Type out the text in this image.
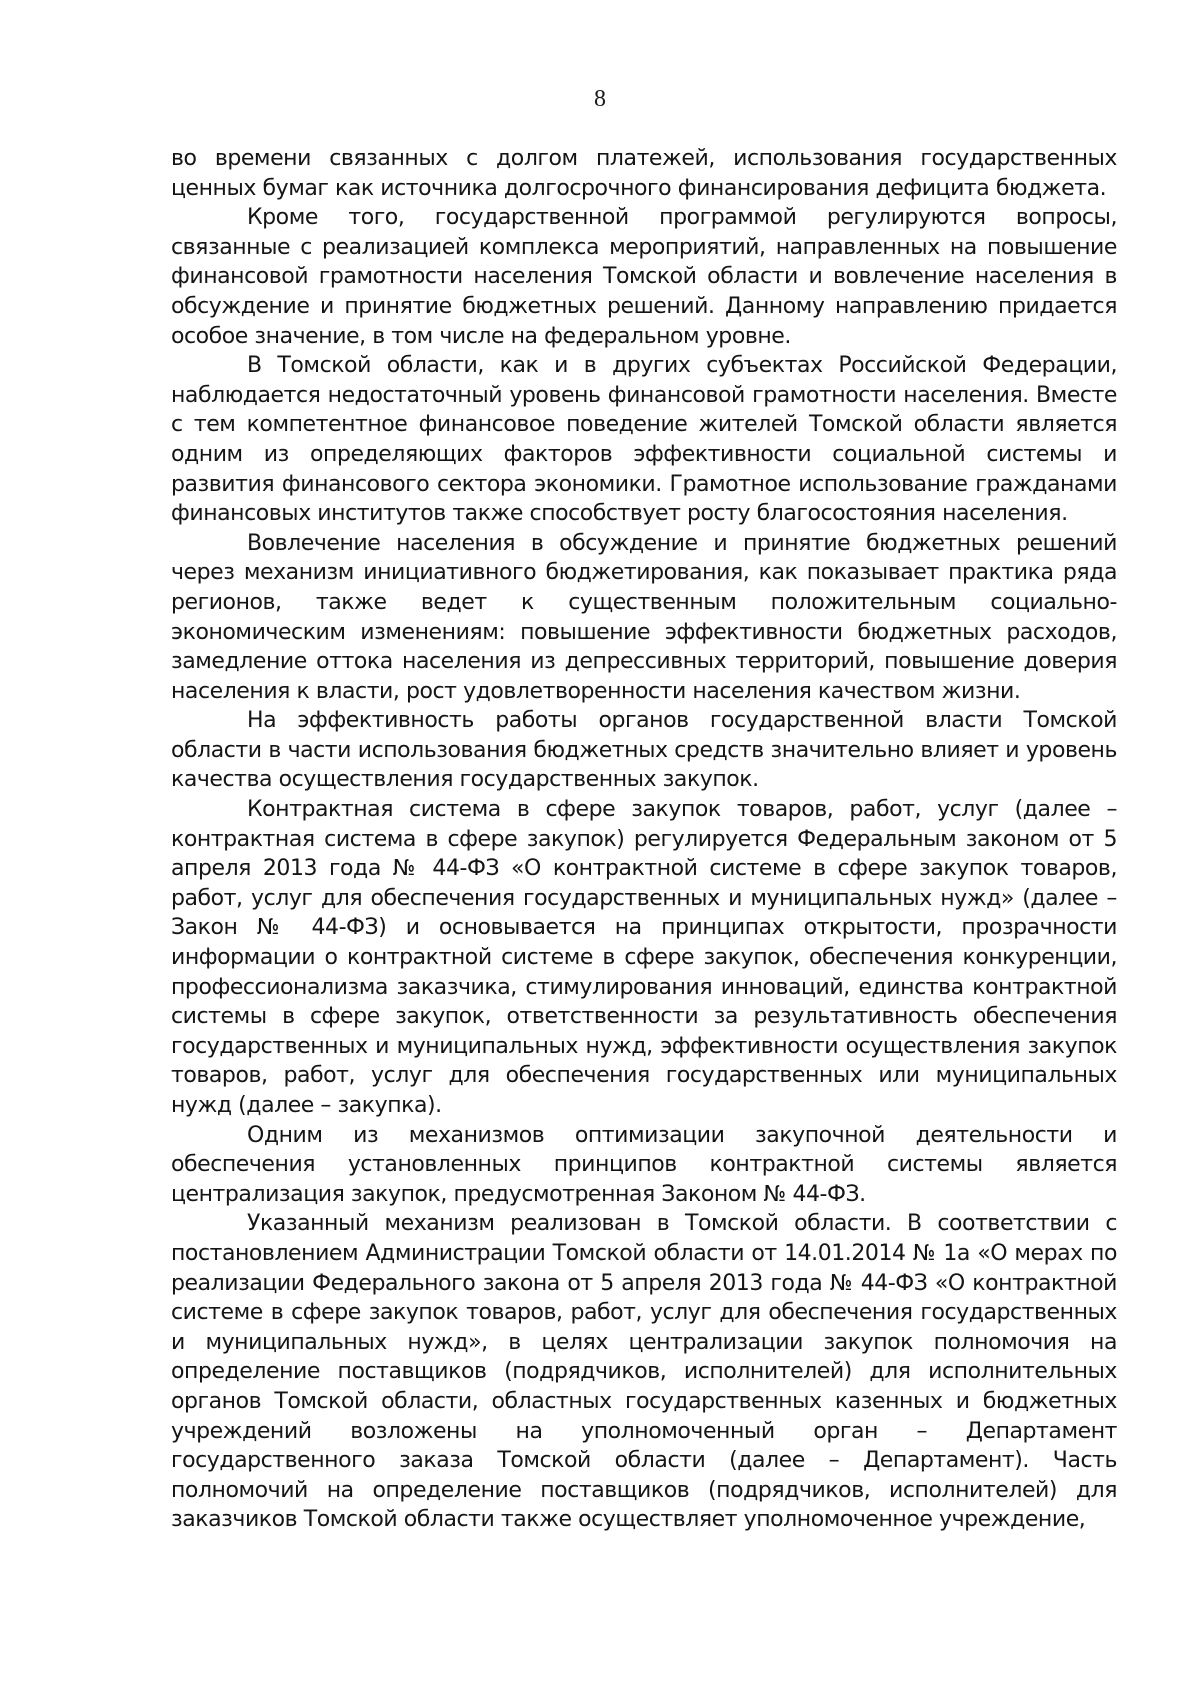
8

во времени связанных с долгом платежей, использования государственных ценных бумаг как источника долгосрочного финансирования дефицита бюджета.

Кроме того, государственной программой регулируются вопросы, связанные с реализацией комплекса мероприятий, направленных на повышение финансовой грамотности населения Томской области и вовлечение населения в обсуждение и принятие бюджетных решений. Данному направлению придается особое значение, в том числе на федеральном уровне.

В Томской области, как и в других субъектах Российской Федерации, наблюдается недостаточный уровень финансовой грамотности населения. Вместе с тем компетентное финансовое поведение жителей Томской области является одним из определяющих факторов эффективности социальной системы и развития финансового сектора экономики. Грамотное использование гражданами финансовых институтов также способствует росту благосостояния населения.

Вовлечение населения в обсуждение и принятие бюджетных решений через механизм инициативного бюджетирования, как показывает практика ряда регионов, также ведет к существенным положительным социально-экономическим изменениям: повышение эффективности бюджетных расходов, замедление оттока населения из депрессивных территорий, повышение доверия населения к власти, рост удовлетворенности населения качеством жизни.

На эффективность работы органов государственной власти Томской области в части использования бюджетных средств значительно влияет и уровень качества осуществления государственных закупок.

Контрактная система в сфере закупок товаров, работ, услуг (далее – контрактная система в сфере закупок) регулируется Федеральным законом от 5 апреля 2013 года № 44-ФЗ «О контрактной системе в сфере закупок товаров, работ, услуг для обеспечения государственных и муниципальных нужд» (далее – Закон № 44-ФЗ) и основывается на принципах открытости, прозрачности информации о контрактной системе в сфере закупок, обеспечения конкуренции, профессионализма заказчика, стимулирования инноваций, единства контрактной системы в сфере закупок, ответственности за результативность обеспечения государственных и муниципальных нужд, эффективности осуществления закупок товаров, работ, услуг для обеспечения государственных или муниципальных нужд (далее – закупка).

Одним из механизмов оптимизации закупочной деятельности и обеспечения установленных принципов контрактной системы является централизация закупок, предусмотренная Законом № 44-ФЗ.

Указанный механизм реализован в Томской области. В соответствии с постановлением Администрации Томской области от 14.01.2014 № 1а «О мерах по реализации Федерального закона от 5 апреля 2013 года № 44-ФЗ «О контрактной системе в сфере закупок товаров, работ, услуг для обеспечения государственных и муниципальных нужд», в целях централизации закупок полномочия на определение поставщиков (подрядчиков, исполнителей) для исполнительных органов Томской области, областных государственных казенных и бюджетных учреждений возложены на уполномоченный орган – Департамент государственного заказа Томской области (далее – Департамент). Часть полномочий на определение поставщиков (подрядчиков, исполнителей) для заказчиков Томской области также осуществляет уполномоченное учреждение,
